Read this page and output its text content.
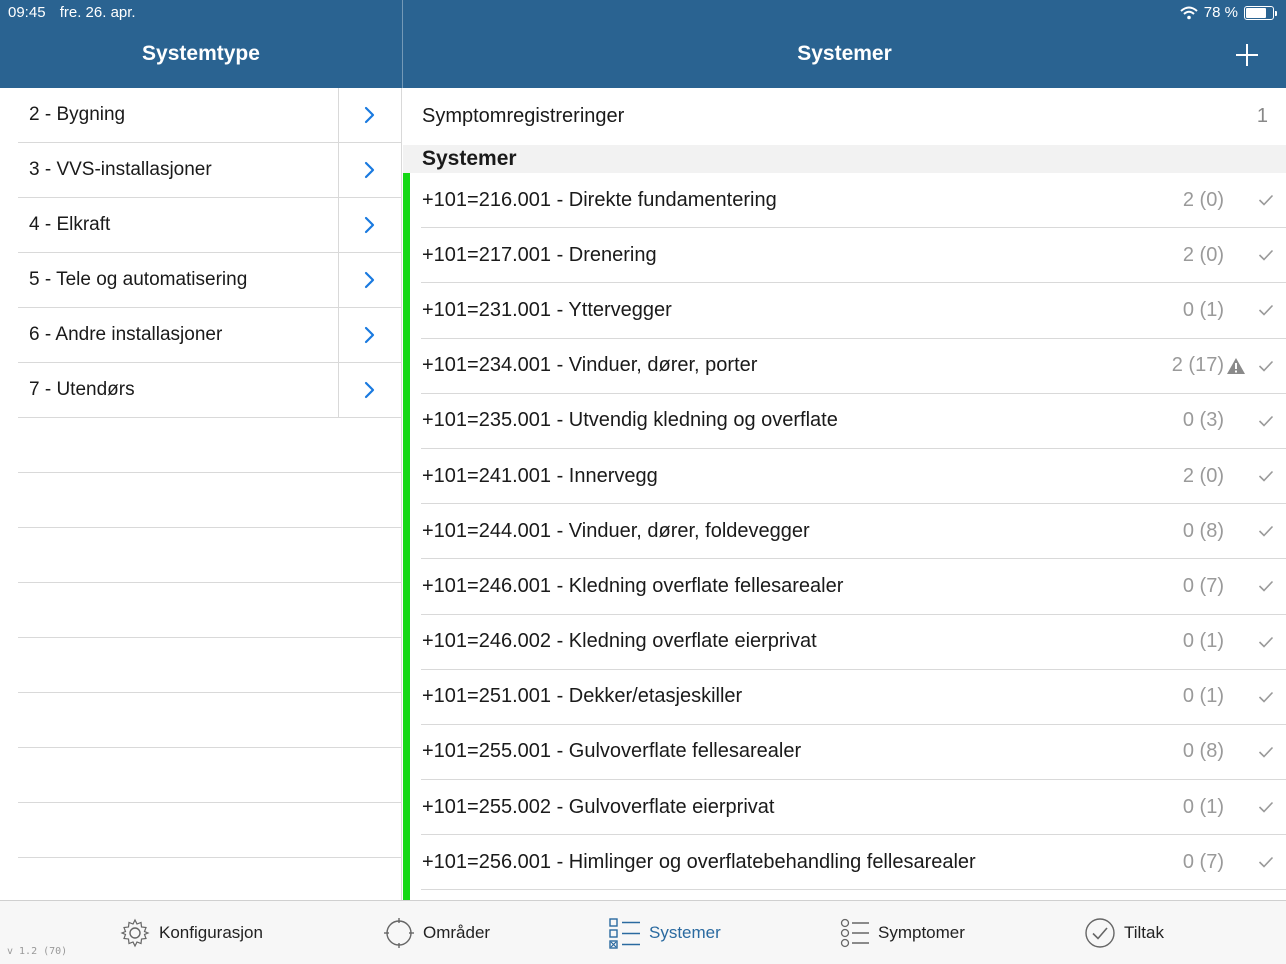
09:45 fre. 26. apr.	78 %
Systemtype	Systemer
2 - Bygning
3 - VVS-installasjoner
4 - Elkraft
5 - Tele og automatisering
6 - Andre installasjoner
7 - Utendørs
Symptomregistreringer	1
Systemer
+101=216.001 - Direkte fundamentering	2 (0)
+101=217.001 - Drenering	2 (0)
+101=231.001 - Yttervegger	0 (1)
+101=234.001 - Vinduer, dører, porter	2 (17)
+101=235.001 - Utvendig kledning og overflate	0 (3)
+101=241.001 - Innervegg	2 (0)
+101=244.001 - Vinduer, dører, foldevegger	0 (8)
+101=246.001 - Kledning overflate fellesarealer	0 (7)
+101=246.002 - Kledning overflate eierprivat	0 (1)
+101=251.001 - Dekker/etasjeskiller	0 (1)
+101=255.001 - Gulvoverflate fellesarealer	0 (8)
+101=255.002 - Gulvoverflate eierprivat	0 (1)
+101=256.001 - Himlinger og overflatebehandling fellesarealer	0 (7)
Konfigurasjon	Områder	Systemer	Symptomer	Tiltak
v 1.2 (70)
